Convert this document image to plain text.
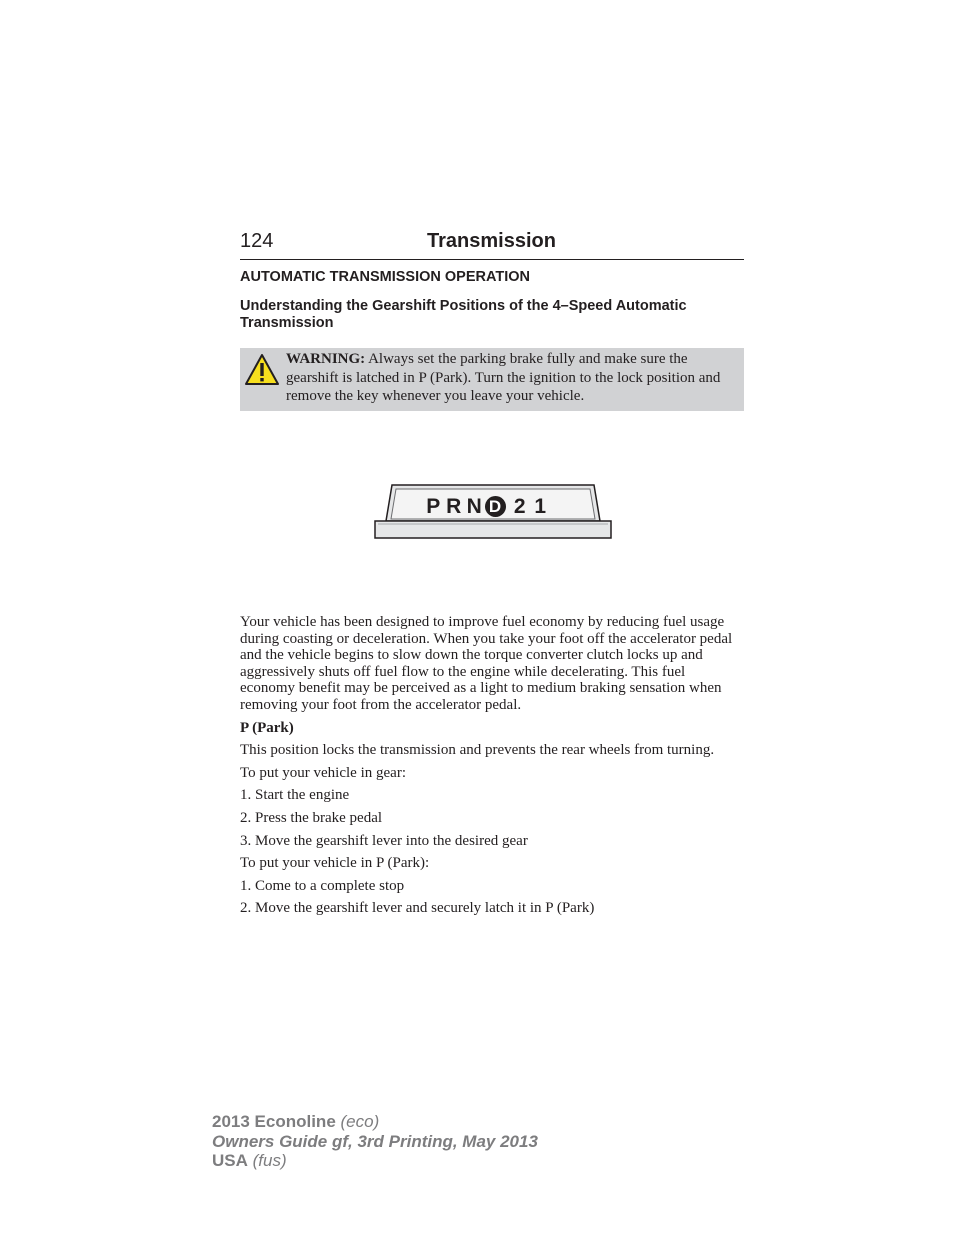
124	Transmission
AUTOMATIC TRANSMISSION OPERATION
Understanding the Gearshift Positions of the 4–Speed Automatic Transmission
WARNING: Always set the parking brake fully and make sure the gearshift is latched in P (Park). Turn the ignition to the lock position and remove the key whenever you leave your vehicle.
P R N D 2 1

Your vehicle has been designed to improve fuel economy by reducing fuel usage during coasting or deceleration. When you take your foot off the accelerator pedal and the vehicle begins to slow down the torque converter clutch locks up and aggressively shuts off fuel flow to the engine while decelerating. This fuel economy benefit may be perceived as a light to medium braking sensation when removing your foot from the accelerator pedal.

P (Park)

This position locks the transmission and prevents the rear wheels from turning.

To put your vehicle in gear:

1. Start the engine

2. Press the brake pedal

3. Move the gearshift lever into the desired gear

To put your vehicle in P (Park):

1. Come to a complete stop

2. Move the gearshift lever and securely latch it in P (Park)

2013 Econoline (eco)
Owners Guide gf, 3rd Printing, May 2013
USA (fus)
